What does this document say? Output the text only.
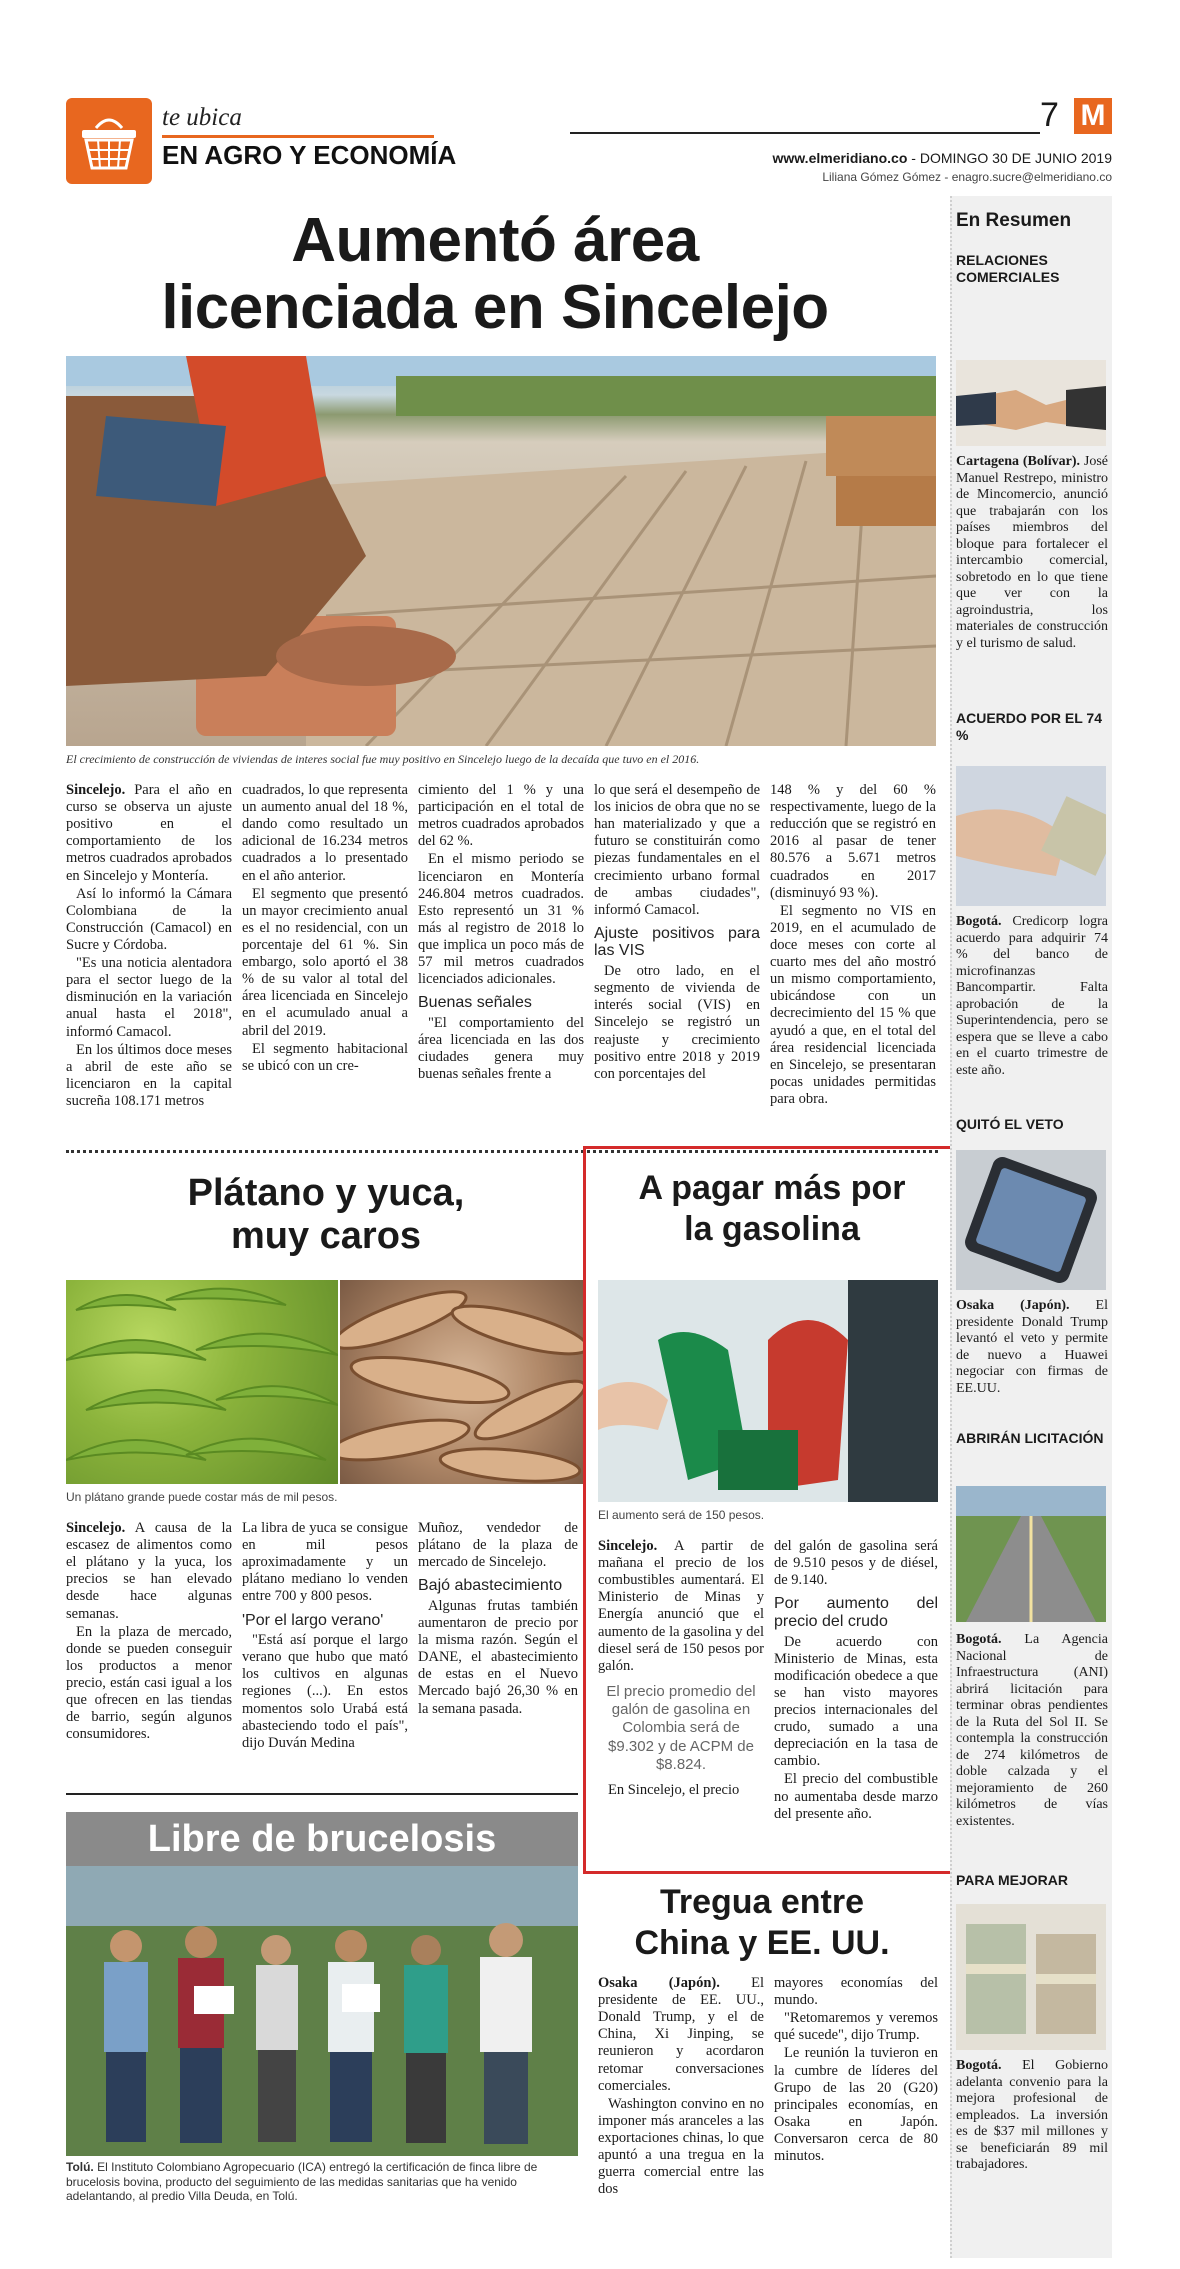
te ubica
EN AGRO Y ECONOMÍA
7 M
www.elmeridiano.co - DOMINGO 30 DE JUNIO 2019
Liliana Gómez Gómez - enagro.sucre@elmeridiano.co
Aumentó área
licenciada en Sincelejo
El crecimiento de construcción de viviendas de interes social fue muy positivo en Sincelejo luego de la decaída que tuvo en el 2016.

Sincelejo. Para el año en curso se observa un ajuste positivo en el comportamiento de los metros cuadrados aprobados en Sincelejo y Montería.

Así lo informó la Cámara Colombiana de la Construcción (Camacol) en Sucre y Córdoba.

"Es una noticia alentadora para el sector luego de la disminución en la variación anual hasta el 2018", informó Camacol.

En los últimos doce meses a abril de este año se licenciaron en la capital sucreña 108.171 metros

cuadrados, lo que representa un aumento anual del 18 %, dando como resultado un adicional de 16.234 metros cuadrados a lo presentado en el año anterior.

El segmento que presentó un mayor crecimiento anual es el no residencial, con un porcentaje del 61 %. Sin embargo, solo aportó el 38 % de su valor al total del área licenciada en Sincelejo en el acumulado anual a abril del 2019.

El segmento habitacional se ubicó con un cre-

cimiento del 1 % y una participación en el total de metros cuadrados aprobados del 62 %.

En el mismo periodo se licenciaron en Montería 246.804 metros cuadrados. Esto representó un 31 % más al registro de 2018 lo que implica un poco más de 57 mil metros cuadrados licenciados adicionales.

Buenas señales

"El comportamiento del área licenciada en las dos ciudades genera muy buenas señales frente a

lo que será el desempeño de los inicios de obra que no se han materializado y que a futuro se constituirán como piezas fundamentales en el crecimiento urbano formal de ambas ciudades", informó Camacol.

Ajuste positivos para las VIS

De otro lado, en el segmento de vivienda de interés social (VIS) en Sincelejo se registró un reajuste y crecimiento positivo entre 2018 y 2019 con porcentajes del

148 % y del 60 % respectivamente, luego de la reducción que se registró en 2016 al pasar de tener 80.576 a 5.671 metros cuadrados en 2017 (disminuyó 93 %).

El segmento no VIS en 2019, en el acumulado de doce meses con corte al cuarto mes del año mostró un mismo comportamiento, ubicándose con un decrecimiento del 15 % que ayudó a que, en el total del área residencial licenciada en Sincelejo, se presentaran pocas unidades permitidas para obra.

Plátano y yuca,
muy caros
Un plátano grande puede costar más de mil pesos.

Sincelejo. A causa de la escasez de alimentos como el plátano y la yuca, los precios se han elevado desde hace algunas semanas.

En la plaza de mercado, donde se pueden conseguir los productos a menor precio, están casi igual a los que ofrecen en las tiendas de barrio, según algunos consumidores.

La libra de yuca se consigue en mil pesos aproximadamente y un plátano mediano lo venden entre 700 y 800 pesos.

'Por el largo verano'

"Está así porque el largo verano que hubo que mató los cultivos en algunas regiones (...). En estos momentos solo Urabá está abasteciendo todo el país", dijo Duván Medina

Muñoz, vendedor de plátano de la plaza de mercado de Sincelejo.

Bajó abastecimiento

Algunas frutas también aumentaron de precio por la misma razón. Según el DANE, el abastecimiento de estas en el Nuevo Mercado bajó 26,30 % en la semana pasada.

A pagar más por
la gasolina
El aumento será de 150 pesos.

Sincelejo. A partir de mañana el precio de los combustibles aumentará. El Ministerio de Minas y Energía anunció que el aumento de la gasolina y del diesel será de 150 pesos por galón.

El precio promedio del galón de gasolina en Colombia será de $9.302 y de ACPM de $8.824.

En Sincelejo, el precio

del galón de gasolina será de 9.510 pesos y de diésel, de 9.140.

Por aumento del precio del crudo

De acuerdo con Ministerio de Minas, esta modificación obedece a que se han visto mayores precios internacionales del crudo, sumado a una depreciación en la tasa de cambio.

El precio del combustible no aumentaba desde marzo del presente año.

Libre de brucelosis
Tolú. El Instituto Colombiano Agropecuario (ICA) entregó la certificación de finca libre de brucelosis bovina, producto del seguimiento de las medidas sanitarias que ha venido adelantando, al predio Villa Deuda, en Tolú.
Tregua entre
China y EE. UU.

Osaka (Japón). El presidente de EE. UU., Donald Trump, y el de China, Xi Jinping, se reunieron y acordaron retomar conversaciones comerciales.

Washington convino en no imponer más aranceles a las exportaciones chinas, lo que apuntó a una tregua en la guerra comercial entre las dos

mayores economías del mundo.

"Retomaremos y veremos qué sucede", dijo Trump.

Le reunión la tuvieron en la cumbre de líderes del Grupo de las 20 (G20) principales economías, en Osaka en Japón. Conversaron cerca de 80 minutos.

En Resumen
RELACIONES COMERCIALES
Cartagena (Bolívar). José Manuel Restrepo, ministro de Mincomercio, anunció que trabajarán con los países miembros del bloque para fortalecer el intercambio comercial, sobretodo en lo que tiene que ver con la agroindustria, los materiales de construcción y el turismo de salud.
ACUERDO POR EL 74 %
Bogotá. Credicorp logra acuerdo para adquirir 74 % del banco de microfinanzas Bancompartir. Falta aprobación de la Superintendencia, pero se espera que se lleve a cabo en el cuarto trimestre de este año.
QUITÓ EL VETO
Osaka (Japón). El presidente Donald Trump levantó el veto y permite de nuevo a Huawei negociar con firmas de EE.UU.
ABRIRÁN LICITACIÓN
Bogotá. La Agencia Nacional de Infraestructura (ANI) abrirá licitación para terminar obras pendientes de la Ruta del Sol II. Se contempla la construcción de 274 kilómetros de doble calzada y el mejoramiento de 260 kilómetros de vías existentes.
PARA MEJORAR
Bogotá. El Gobierno adelanta convenio para la mejora profesional de empleados. La inversión es de $37 mil millones y se beneficiarán 89 mil trabajadores.
